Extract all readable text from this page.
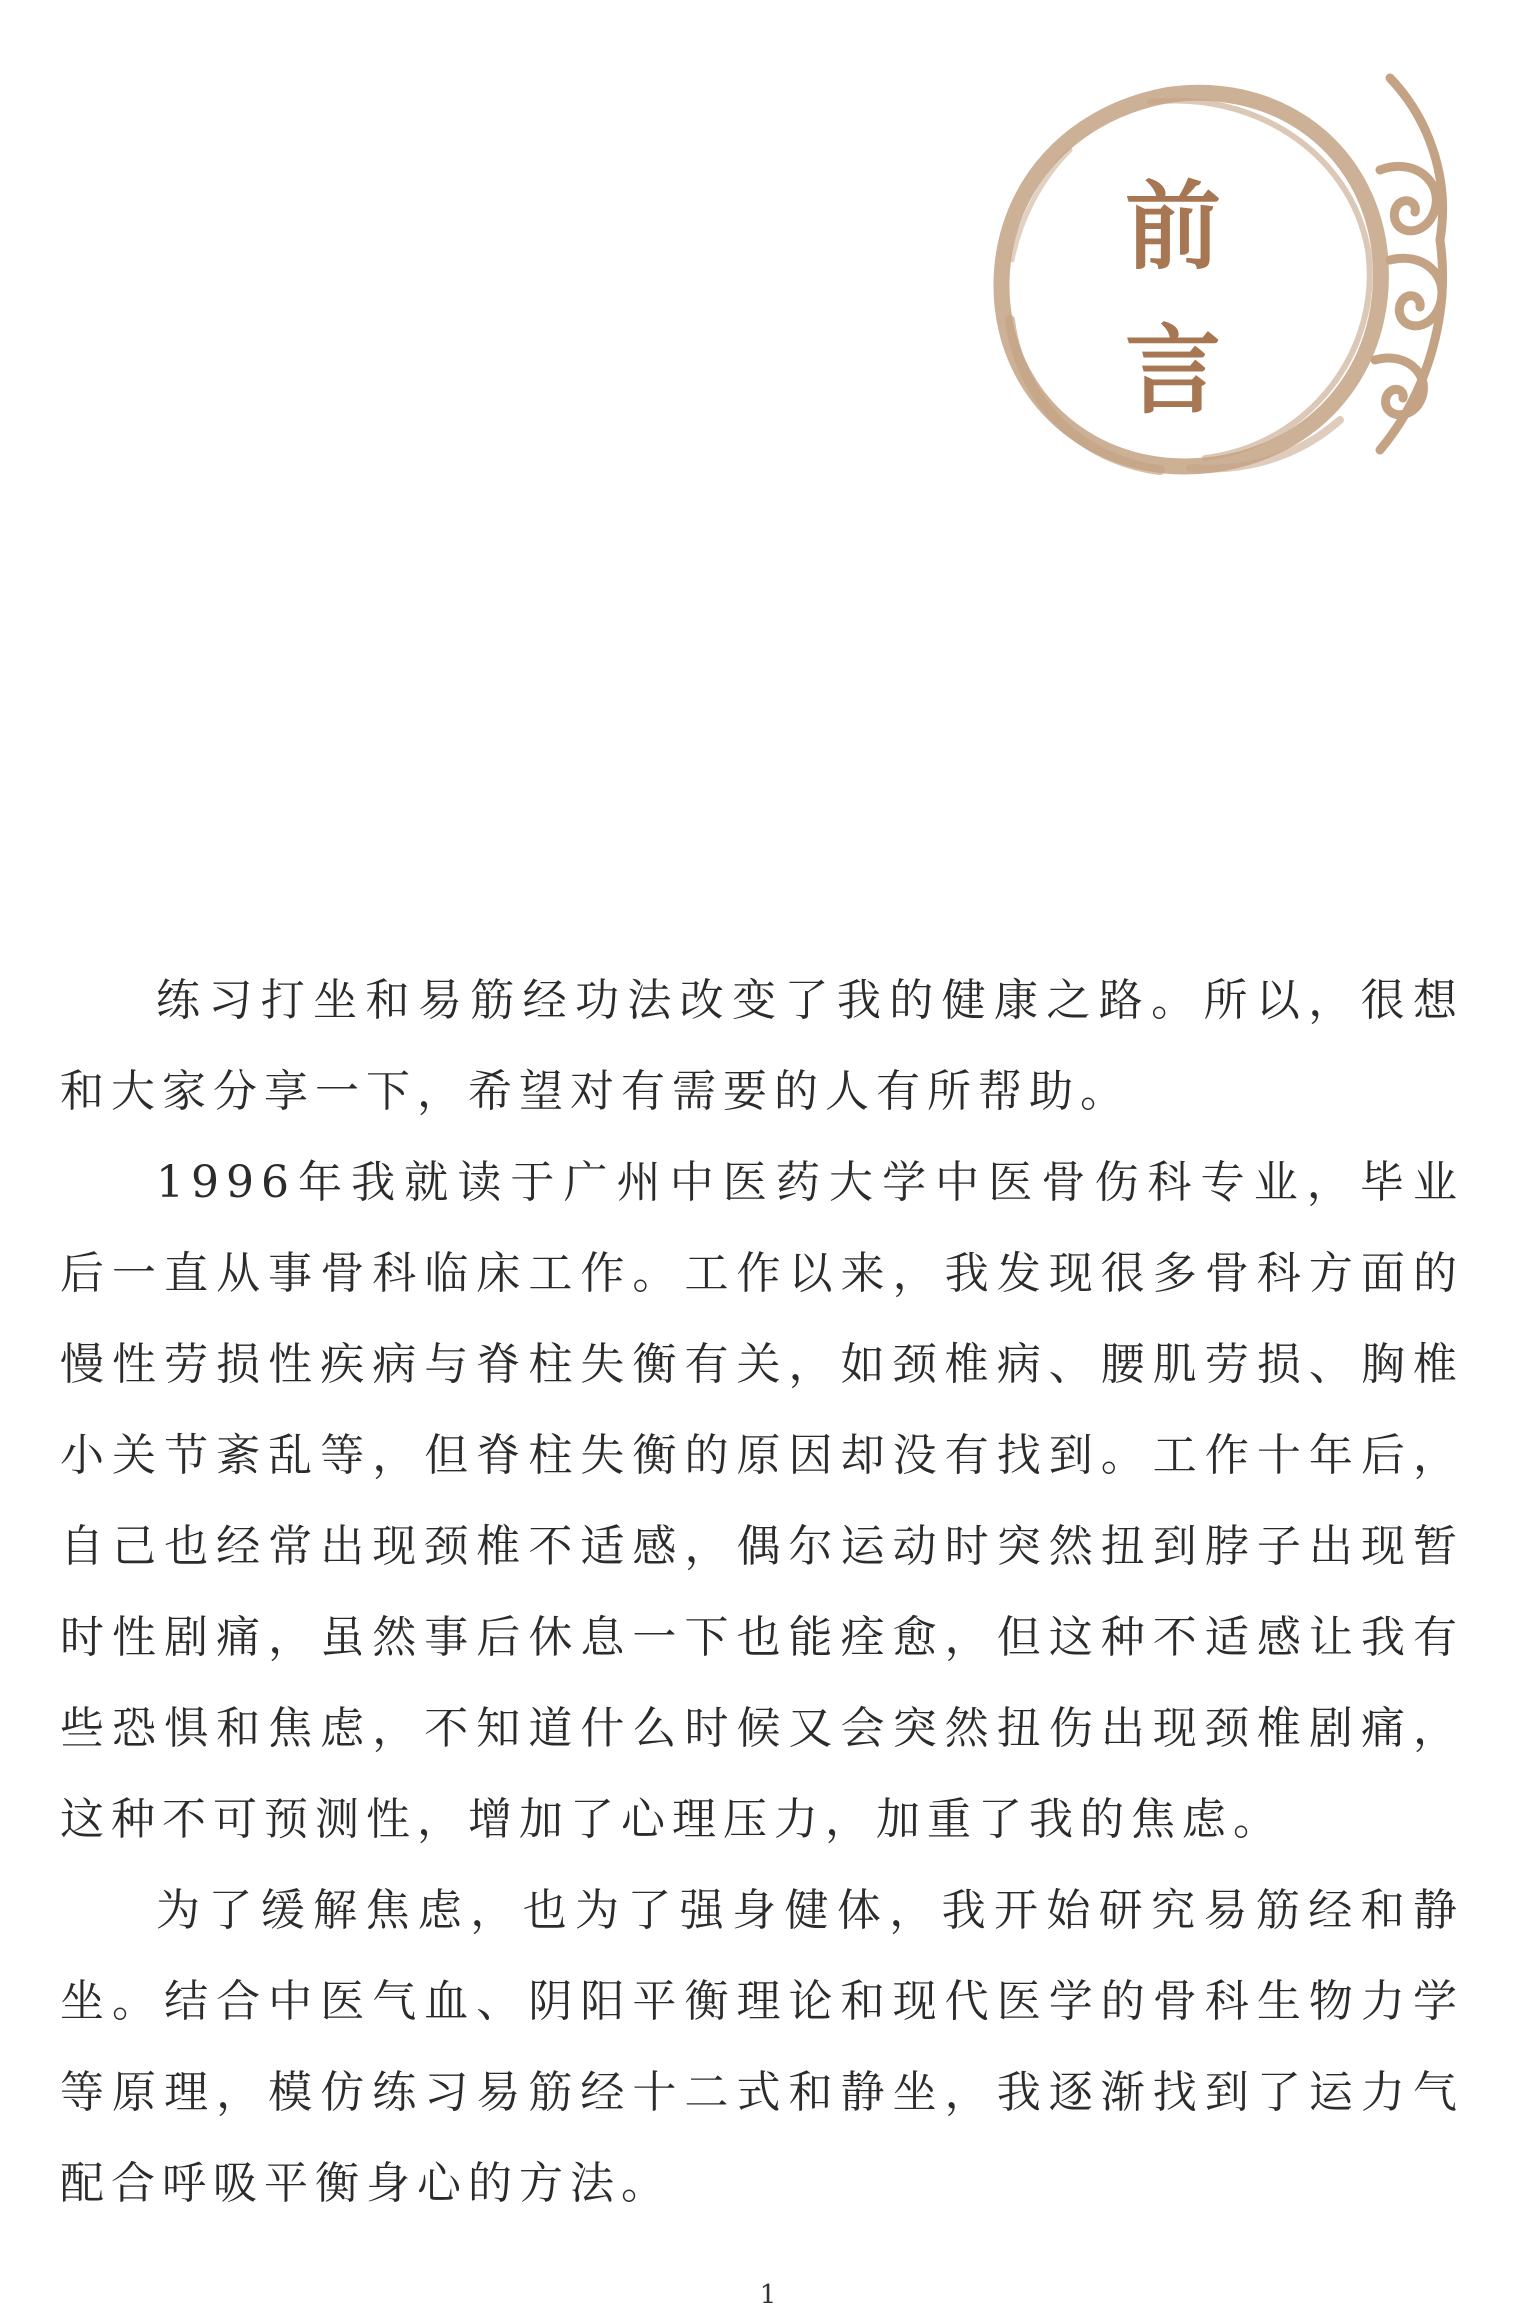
前
言

练习打坐和易筋经功法改变了我的健康之路。所以，很想和大家分享一下，希望对有需要的人有所帮助。

1996年我就读于广州中医药大学中医骨伤科专业，毕业后一直从事骨科临床工作。工作以来，我发现很多骨科方面的慢性劳损性疾病与脊柱失衡有关，如颈椎病、腰肌劳损、胸椎小关节紊乱等，但脊柱失衡的原因却没有找到。工作十年后，自己也经常出现颈椎不适感，偶尔运动时突然扭到脖子出现暂时性剧痛，虽然事后休息一下也能痊愈，但这种不适感让我有些恐惧和焦虑，不知道什么时候又会突然扭伤出现颈椎剧痛，这种不可预测性，增加了心理压力，加重了我的焦虑。

为了缓解焦虑，也为了强身健体，我开始研究易筋经和静坐。结合中医气血、阴阳平衡理论和现代医学的骨科生物力学等原理，模仿练习易筋经十二式和静坐，我逐渐找到了运力气配合呼吸平衡身心的方法。

1
